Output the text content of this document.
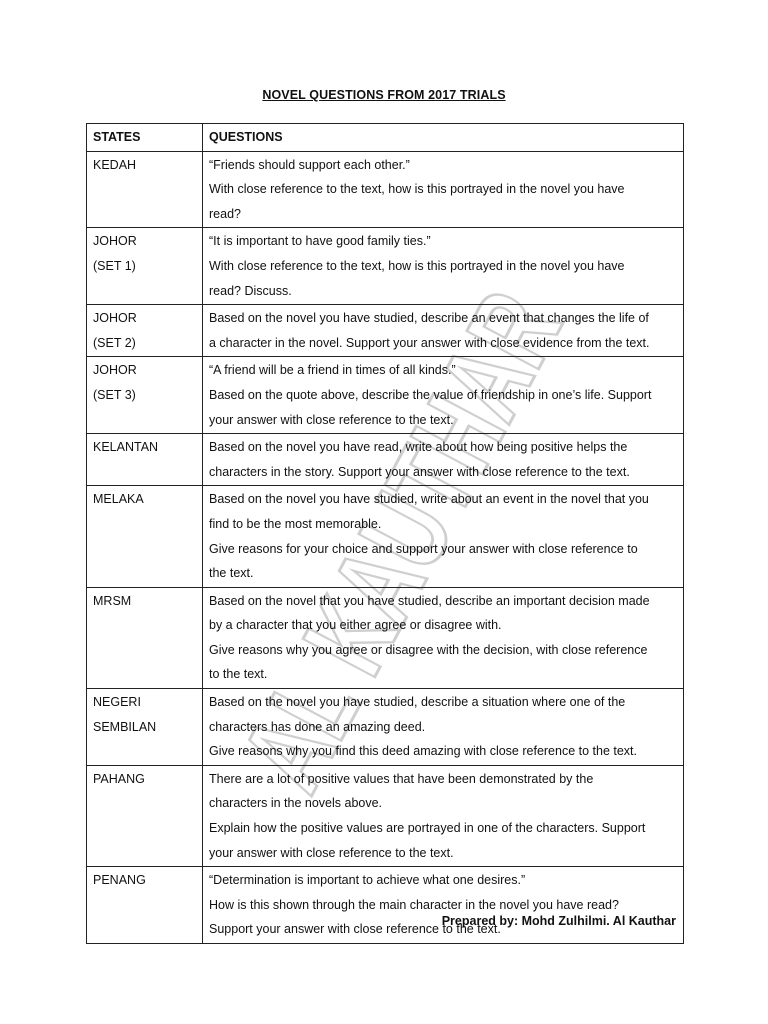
NOVEL QUESTIONS FROM 2017 TRIALS
AL KAUTHAR
STATES	QUESTIONS

KEDAH	“Friends should support each other.”
With close reference to the text, how is this portrayed in the novel you have
read?

JOHOR
(SET 1)	“It is important to have good family ties.”
With close reference to the text, how is this portrayed in the novel you have
read? Discuss.

JOHOR
(SET 2)	Based on the novel you have studied, describe an event that changes the life of
a character in the novel. Support your answer with close evidence from the text.

JOHOR
(SET 3)	“A friend will be a friend in times of all kinds.”
Based on the quote above, describe the value of friendship in one’s life. Support
your answer with close reference to the text.

KELANTAN	Based on the novel you have read, write about how being positive helps the
characters in the story. Support your answer with close reference to the text.

MELAKA	Based on the novel you have studied, write about an event in the novel that you
find to be the most memorable.
Give reasons for your choice and support your answer with close reference to
the text.

MRSM	Based on the novel that you have studied, describe an important decision made
by a character that you either agree or disagree with.
Give reasons why you agree or disagree with the decision, with close reference
to the text.

NEGERI
SEMBILAN	Based on the novel you have studied, describe a situation where one of the
characters has done an amazing deed.
Give reasons why you find this deed amazing with close reference to the text.

PAHANG	There are a lot of positive values that have been demonstrated by the
characters in the novels above.
Explain how the positive values are portrayed in one of the characters. Support
your answer with close reference to the text.

PENANG	“Determination is important to achieve what one desires.”
How is this shown through the main character in the novel you have read?
Support your answer with close reference to the text.
Prepared by: Mohd Zulhilmi. Al Kauthar
